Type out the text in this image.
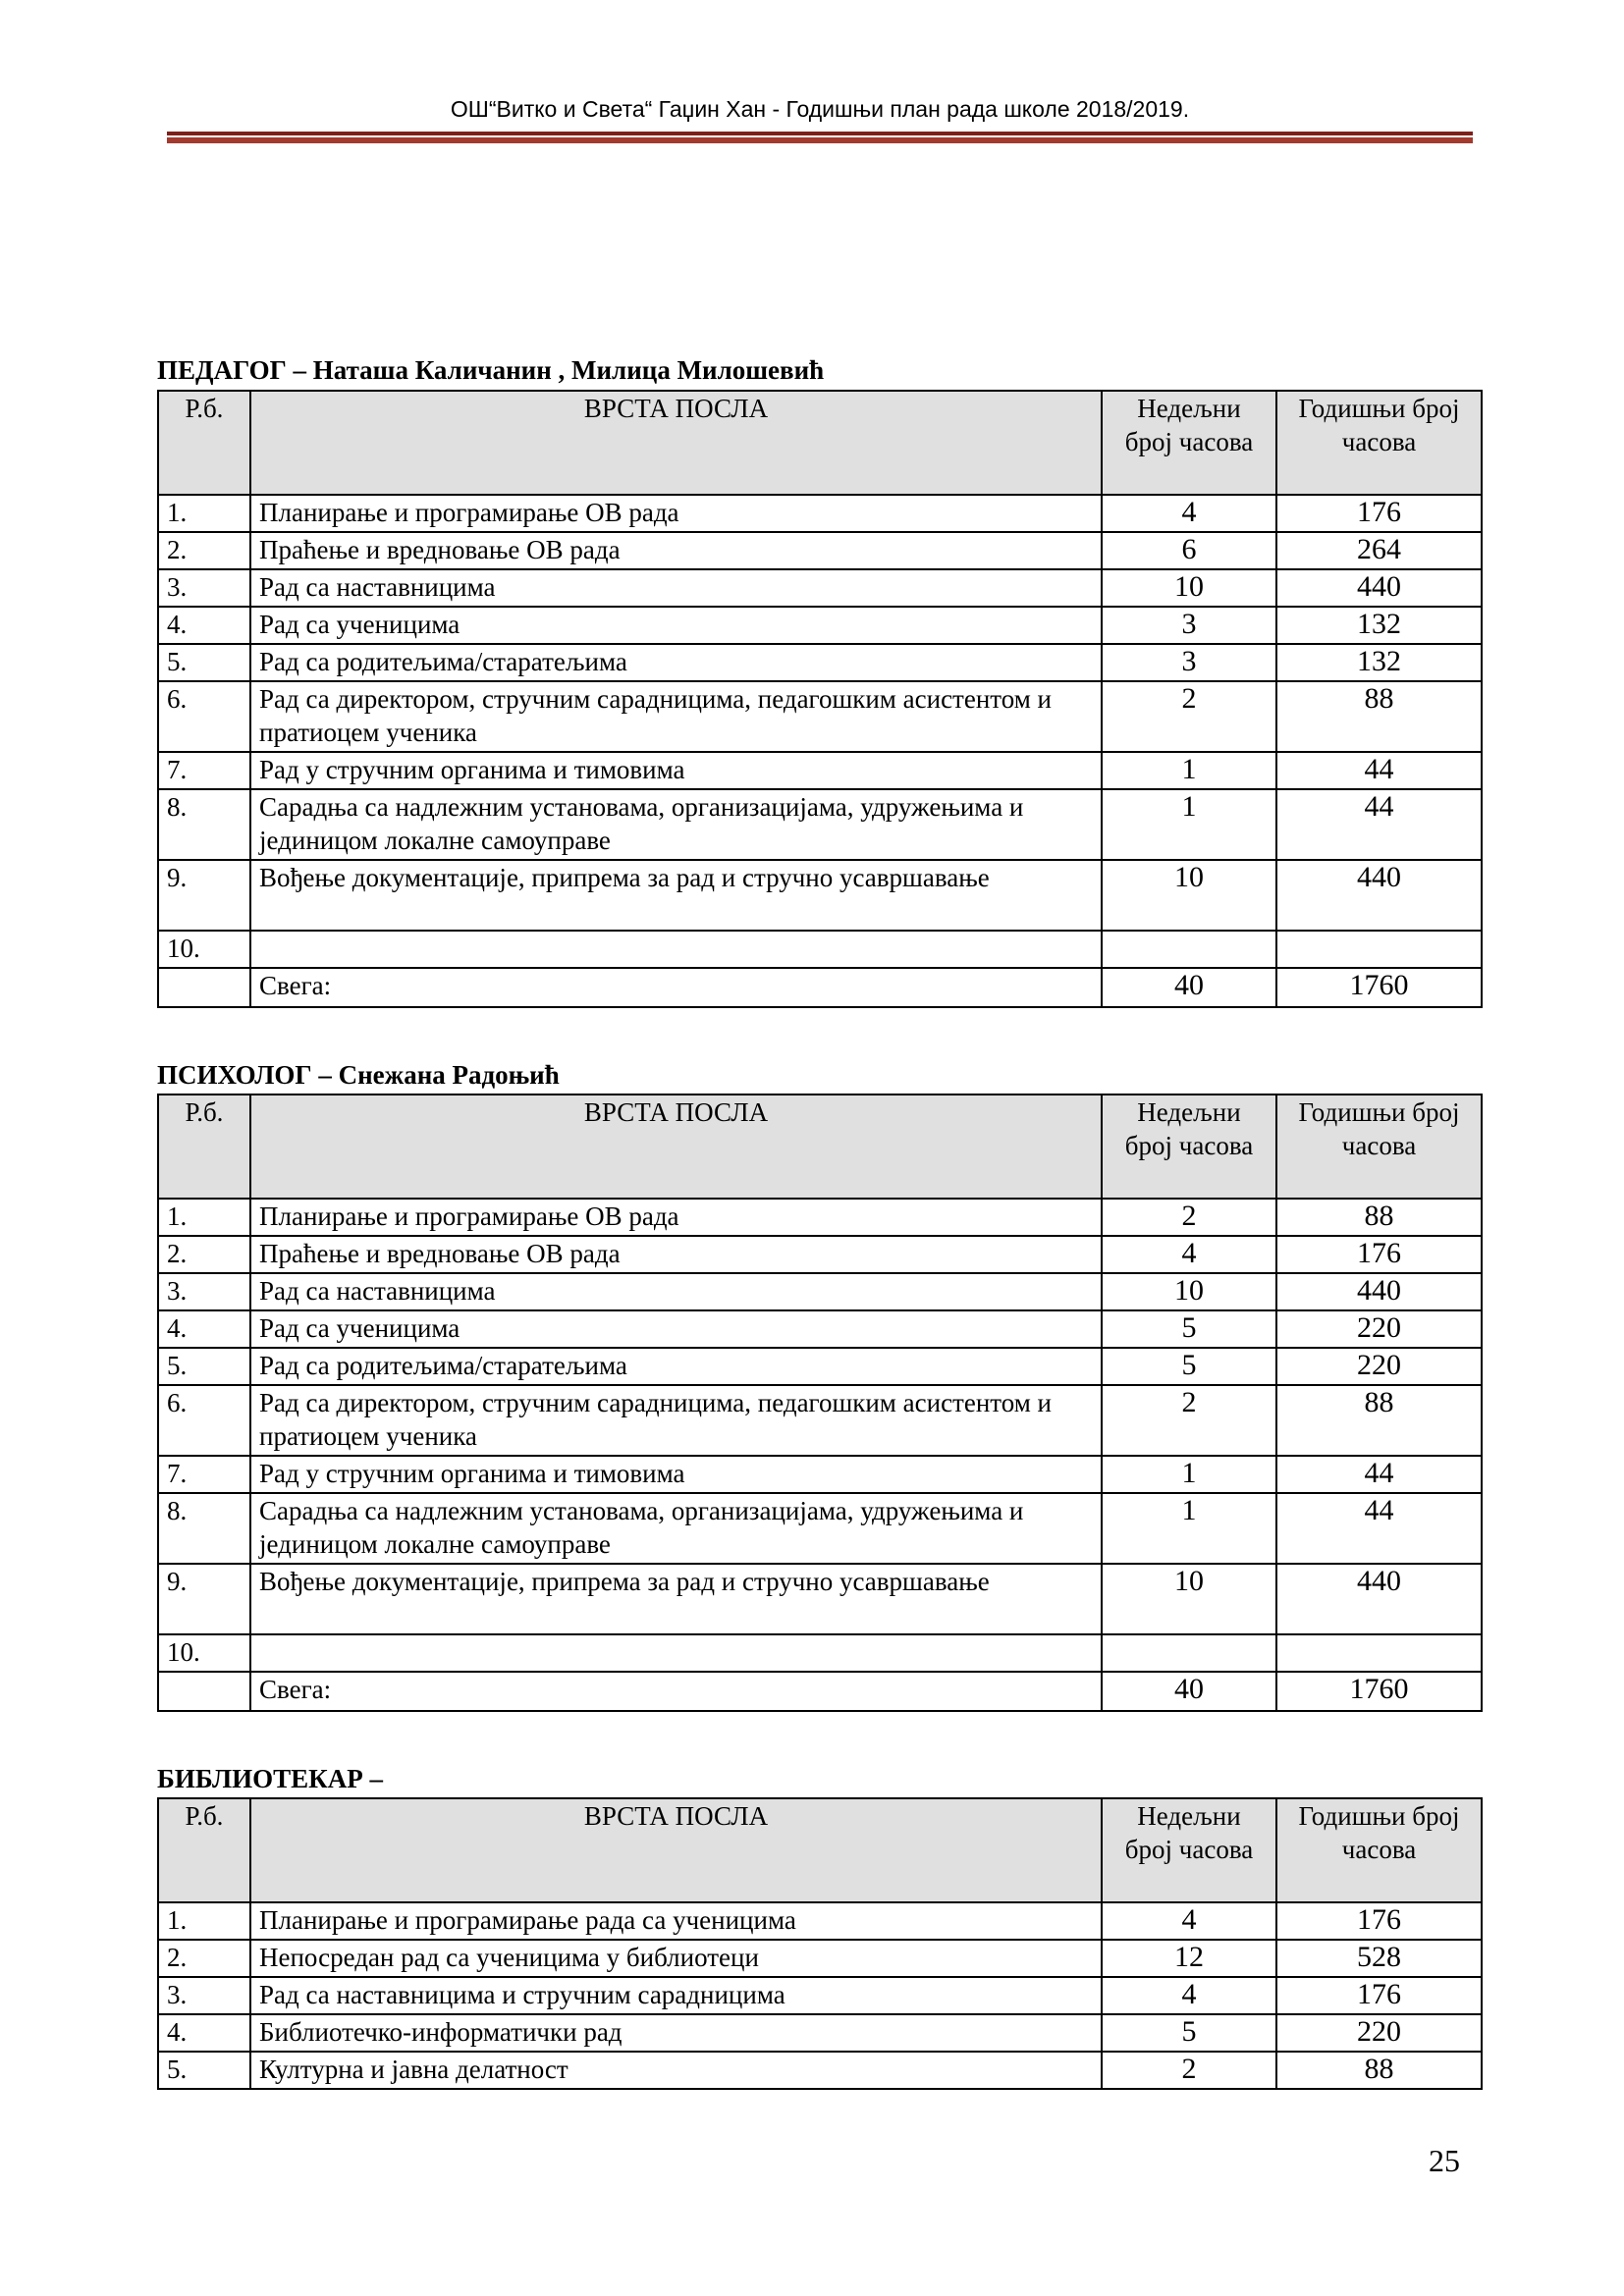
ОШ“Витко и Света“ Гаџин Хан - Годишњи план рада школе 2018/2019.
ПЕДАГОГ – Наташа Каличанин , Милица Милошевић
Р.б.	ВРСТА ПОСЛА	Недељни број часова	Годишњи број часова
1.	Планирање и програмирање ОВ рада	4	176
2.	Праћење и вредновање ОВ рада	6	264
3.	Рад са наставницима	10	440
4.	Рад са ученицима	3	132
5.	Рад са родитељима/старатељима	3	132
6.	Рад са директором, стручним сарадницима, педагошким асистентом и пратиоцем ученика	2	88
7.	Рад у стручним органима и тимовима	1	44
8.	Сарадња са надлежним установама, организацијама, удружењима и јединицом локалне самоуправе	1	44
9.	Вођење документације, припрема за рад и стручно усавршавање	10	440
10.			
	Свега:	40	1760
ПСИХОЛОГ – Снежана Радоњић
Р.б.	ВРСТА ПОСЛА	Недељни број часова	Годишњи број часова
1.	Планирање и програмирање ОВ рада	2	88
2.	Праћење и вредновање ОВ рада	4	176
3.	Рад са наставницима	10	440
4.	Рад са ученицима	5	220
5.	Рад са родитељима/старатељима	5	220
6.	Рад са директором, стручним сарадницима, педагошким асистентом и пратиоцем ученика	2	88
7.	Рад у стручним органима и тимовима	1	44
8.	Сарадња са надлежним установама, организацијама, удружењима и јединицом локалне самоуправе	1	44
9.	Вођење документације, припрема за рад и стручно усавршавање	10	440
10.			
	Свега:	40	1760
БИБЛИОТЕКАР –
Р.б.	ВРСТА ПОСЛА	Недељни број часова	Годишњи број часова
1.	Планирање и програмирање рада са ученицима	4	176
2.	Непосредан рад са ученицима у библиотеци	12	528
3.	Рад са наставницима и стручним сарадницима	4	176
4.	Библиотечко-информатички рад	5	220
5.	Културна и јавна делатност	2	88
25
